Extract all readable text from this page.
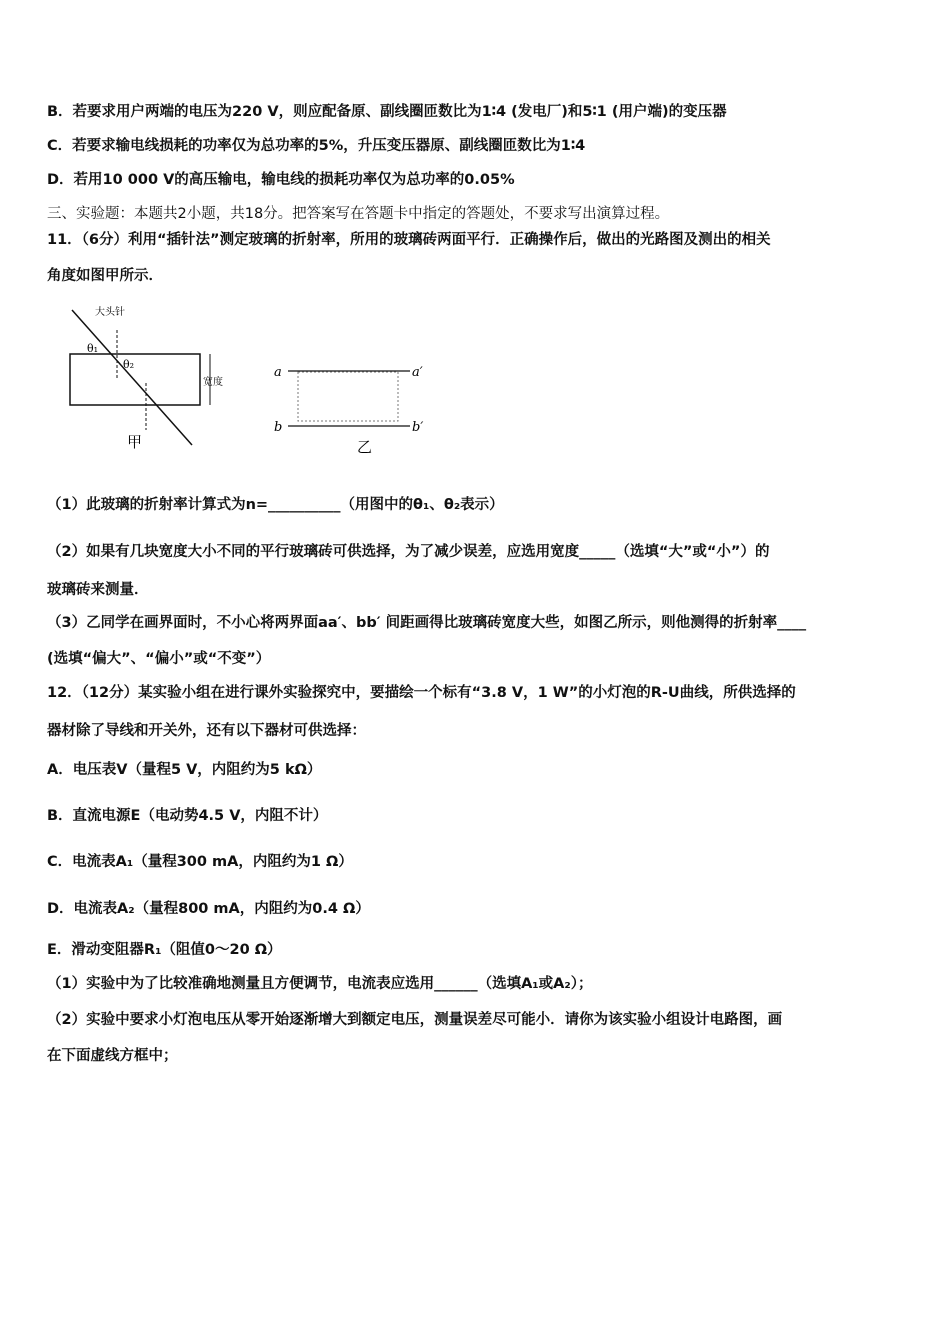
B．若要求用户两端的电压为220 V，则应配备原、副线圈匝数比为1∶4 (发电厂)和5∶1 (用户端)的变压器
C．若要求输电线损耗的功率仅为总功率的5%，升压变压器原、副线圈匝数比为1∶4
D．若用10 000 V的高压输电，输电线的损耗功率仅为总功率的0.05%
三、实验题：本题共2小题，共18分。把答案写在答题卡中指定的答题处，不要求写出演算过程。
11．（6分）利用“插针法”测定玻璃的折射率，所用的玻璃砖两面平行．正确操作后，做出的光路图及测出的相关
角度如图甲所示．
大头针
θ₁
θ₂
宽度
甲
a	a′
b	b′
乙
（1）此玻璃的折射率计算式为n=__________（用图中的θ₁、θ₂表示）
（2）如果有几块宽度大小不同的平行玻璃砖可供选择，为了减少误差，应选用宽度_____（选填“大”或“小”）的
玻璃砖来测量．
（3）乙同学在画界面时，不小心将两界面aa′、bb′ 间距画得比玻璃砖宽度大些，如图乙所示，则他测得的折射率____
(选填“偏大”、“偏小”或“不变”）
12．（12分）某实验小组在进行课外实验探究中，要描绘一个标有“3.8 V，1 W”的小灯泡的R-U曲线，所供选择的
器材除了导线和开关外，还有以下器材可供选择：
A．电压表V（量程5 V，内阻约为5 kΩ）
B．直流电源E（电动势4.5 V，内阻不计）
C．电流表A₁（量程300 mA，内阻约为1 Ω）
D．电流表A₂（量程800 mA，内阻约为0.4 Ω）
E．滑动变阻器R₁（阻值0～20 Ω）
（1）实验中为了比较准确地测量且方便调节，电流表应选用______（选填A₁或A₂）；
（2）实验中要求小灯泡电压从零开始逐渐增大到额定电压，测量误差尽可能小．请你为该实验小组设计电路图，画
在下面虚线方框中；
